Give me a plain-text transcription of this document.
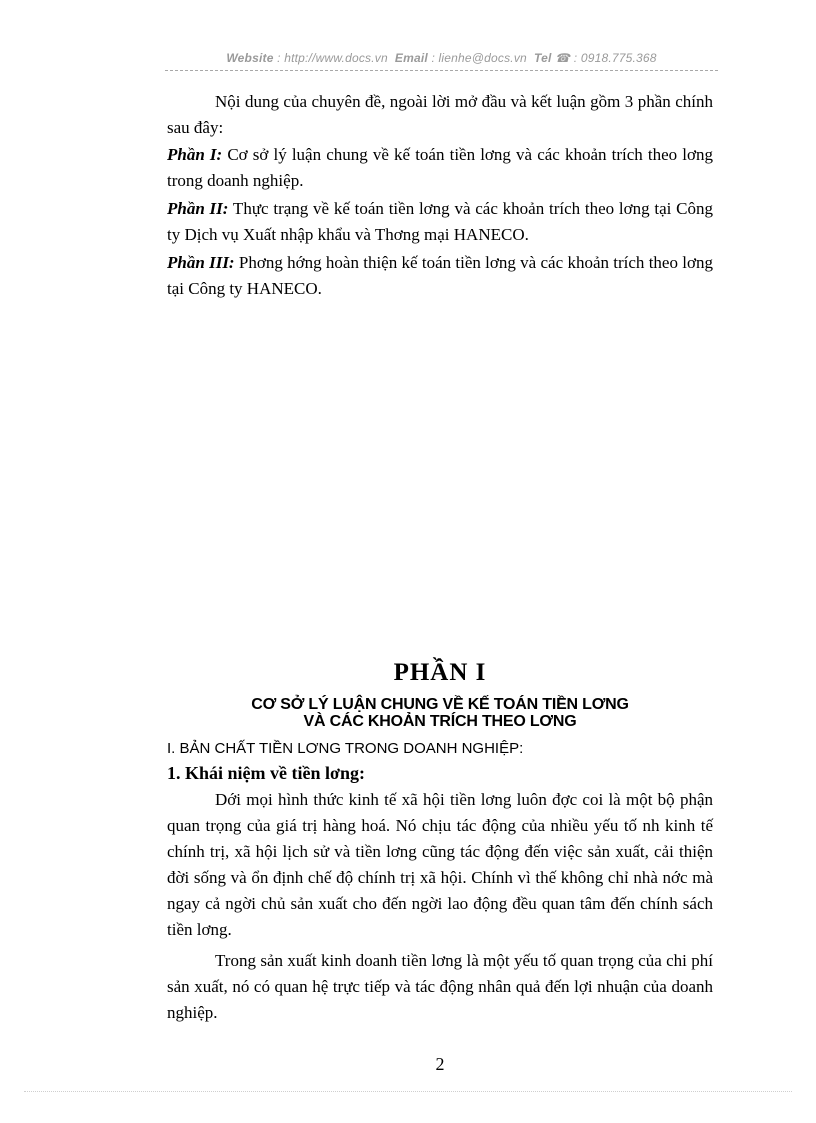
Website : http://www.docs.vn Email : lienhe@docs.vn Tel ☎ : 0918.775.368

Nội dung của chuyên đề, ngoài lời mở đầu và kết luận gồm 3 phần chính sau đây:

Phần I: Cơ sở lý luận chung về kế toán tiền lơng và các khoản trích theo lơng trong doanh nghiệp.

Phần II: Thực trạng về kế toán tiền lơng và các khoản trích theo lơng tại Công ty Dịch vụ Xuất nhập khẩu và Thơng mại HANECO.

Phần III: Phơng hớng hoàn thiện kế toán tiền lơng và các khoản trích theo lơng tại Công ty HANECO.

PHẦN I
CƠ SỞ LÝ LUẬN CHUNG VỀ KẾ TOÁN TIỀN LƠNG
VÀ CÁC KHOẢN TRÍCH THEO LƠNG
I. BẢN CHẤT TIỀN LƠNG TRONG DOANH NGHIỆP:
1. Khái niệm về tiền lơng:

Dới mọi hình thức kinh tế xã hội tiền lơng luôn đợc coi là một bộ phận quan trọng của giá trị hàng hoá. Nó chịu tác động của nhiều yếu tố nh kinh tế chính trị, xã hội lịch sử và tiền lơng cũng tác động đến việc sản xuất, cải thiện đời sống và ổn định chế độ chính trị xã hội. Chính vì thế không chỉ nhà nớc mà ngay cả ngời chủ sản xuất cho đến ngời lao động đều quan tâm đến chính sách tiền lơng.

Trong sản xuất kinh doanh tiền lơng là một yếu tố quan trọng của chi phí sản xuất, nó có quan hệ trực tiếp và tác động nhân quả đến lợi nhuận của doanh nghiệp.

2
